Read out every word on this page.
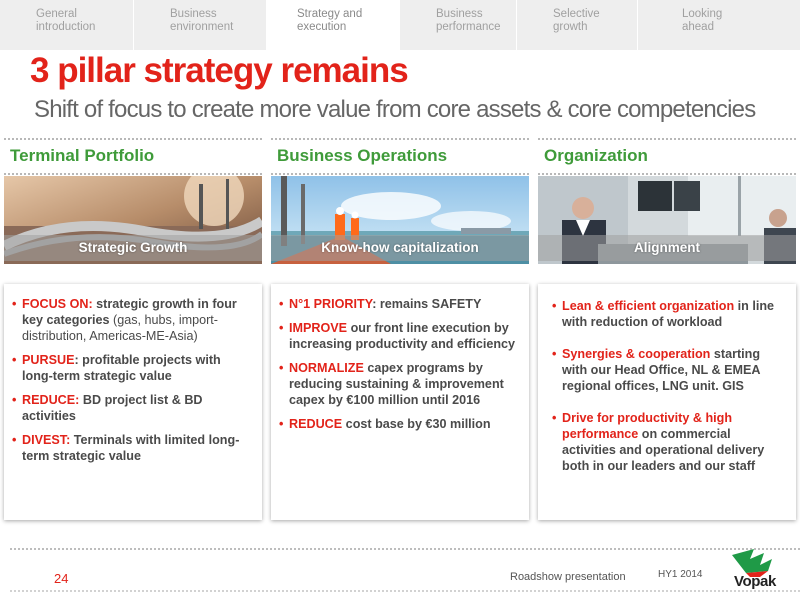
General
introduction
Business
environment
Strategy and
execution
Business
performance
Selective
growth
Looking
ahead
3 pillar strategy remains
Shift of focus to create more value from core assets & core competencies
Terminal Portfolio
Strategic Growth
• FOCUS ON: strategic growth in four key categories (gas, hubs, import-distribution, Americas-ME-Asia)
• PURSUE: profitable projects with long-term strategic value
• REDUCE: BD project list & BD activities
• DIVEST: Terminals with limited long-term strategic value
Business Operations
Know-how capitalization
• N°1 PRIORITY: remains SAFETY
• IMPROVE our front line execution by increasing productivity and efficiency
• NORMALIZE capex programs by reducing sustaining & improvement capex by €100 million until 2016
• REDUCE cost base by €30 million
Organization
Alignment
• Lean & efficient organization in line with reduction of workload
• Synergies & cooperation starting with our Head Office, NL & EMEA regional offices, LNG unit. GIS
• Drive for productivity & high performance on commercial activities and operational delivery both in our leaders and our staff
24	Roadshow presentation	HY1 2014 Vopak
